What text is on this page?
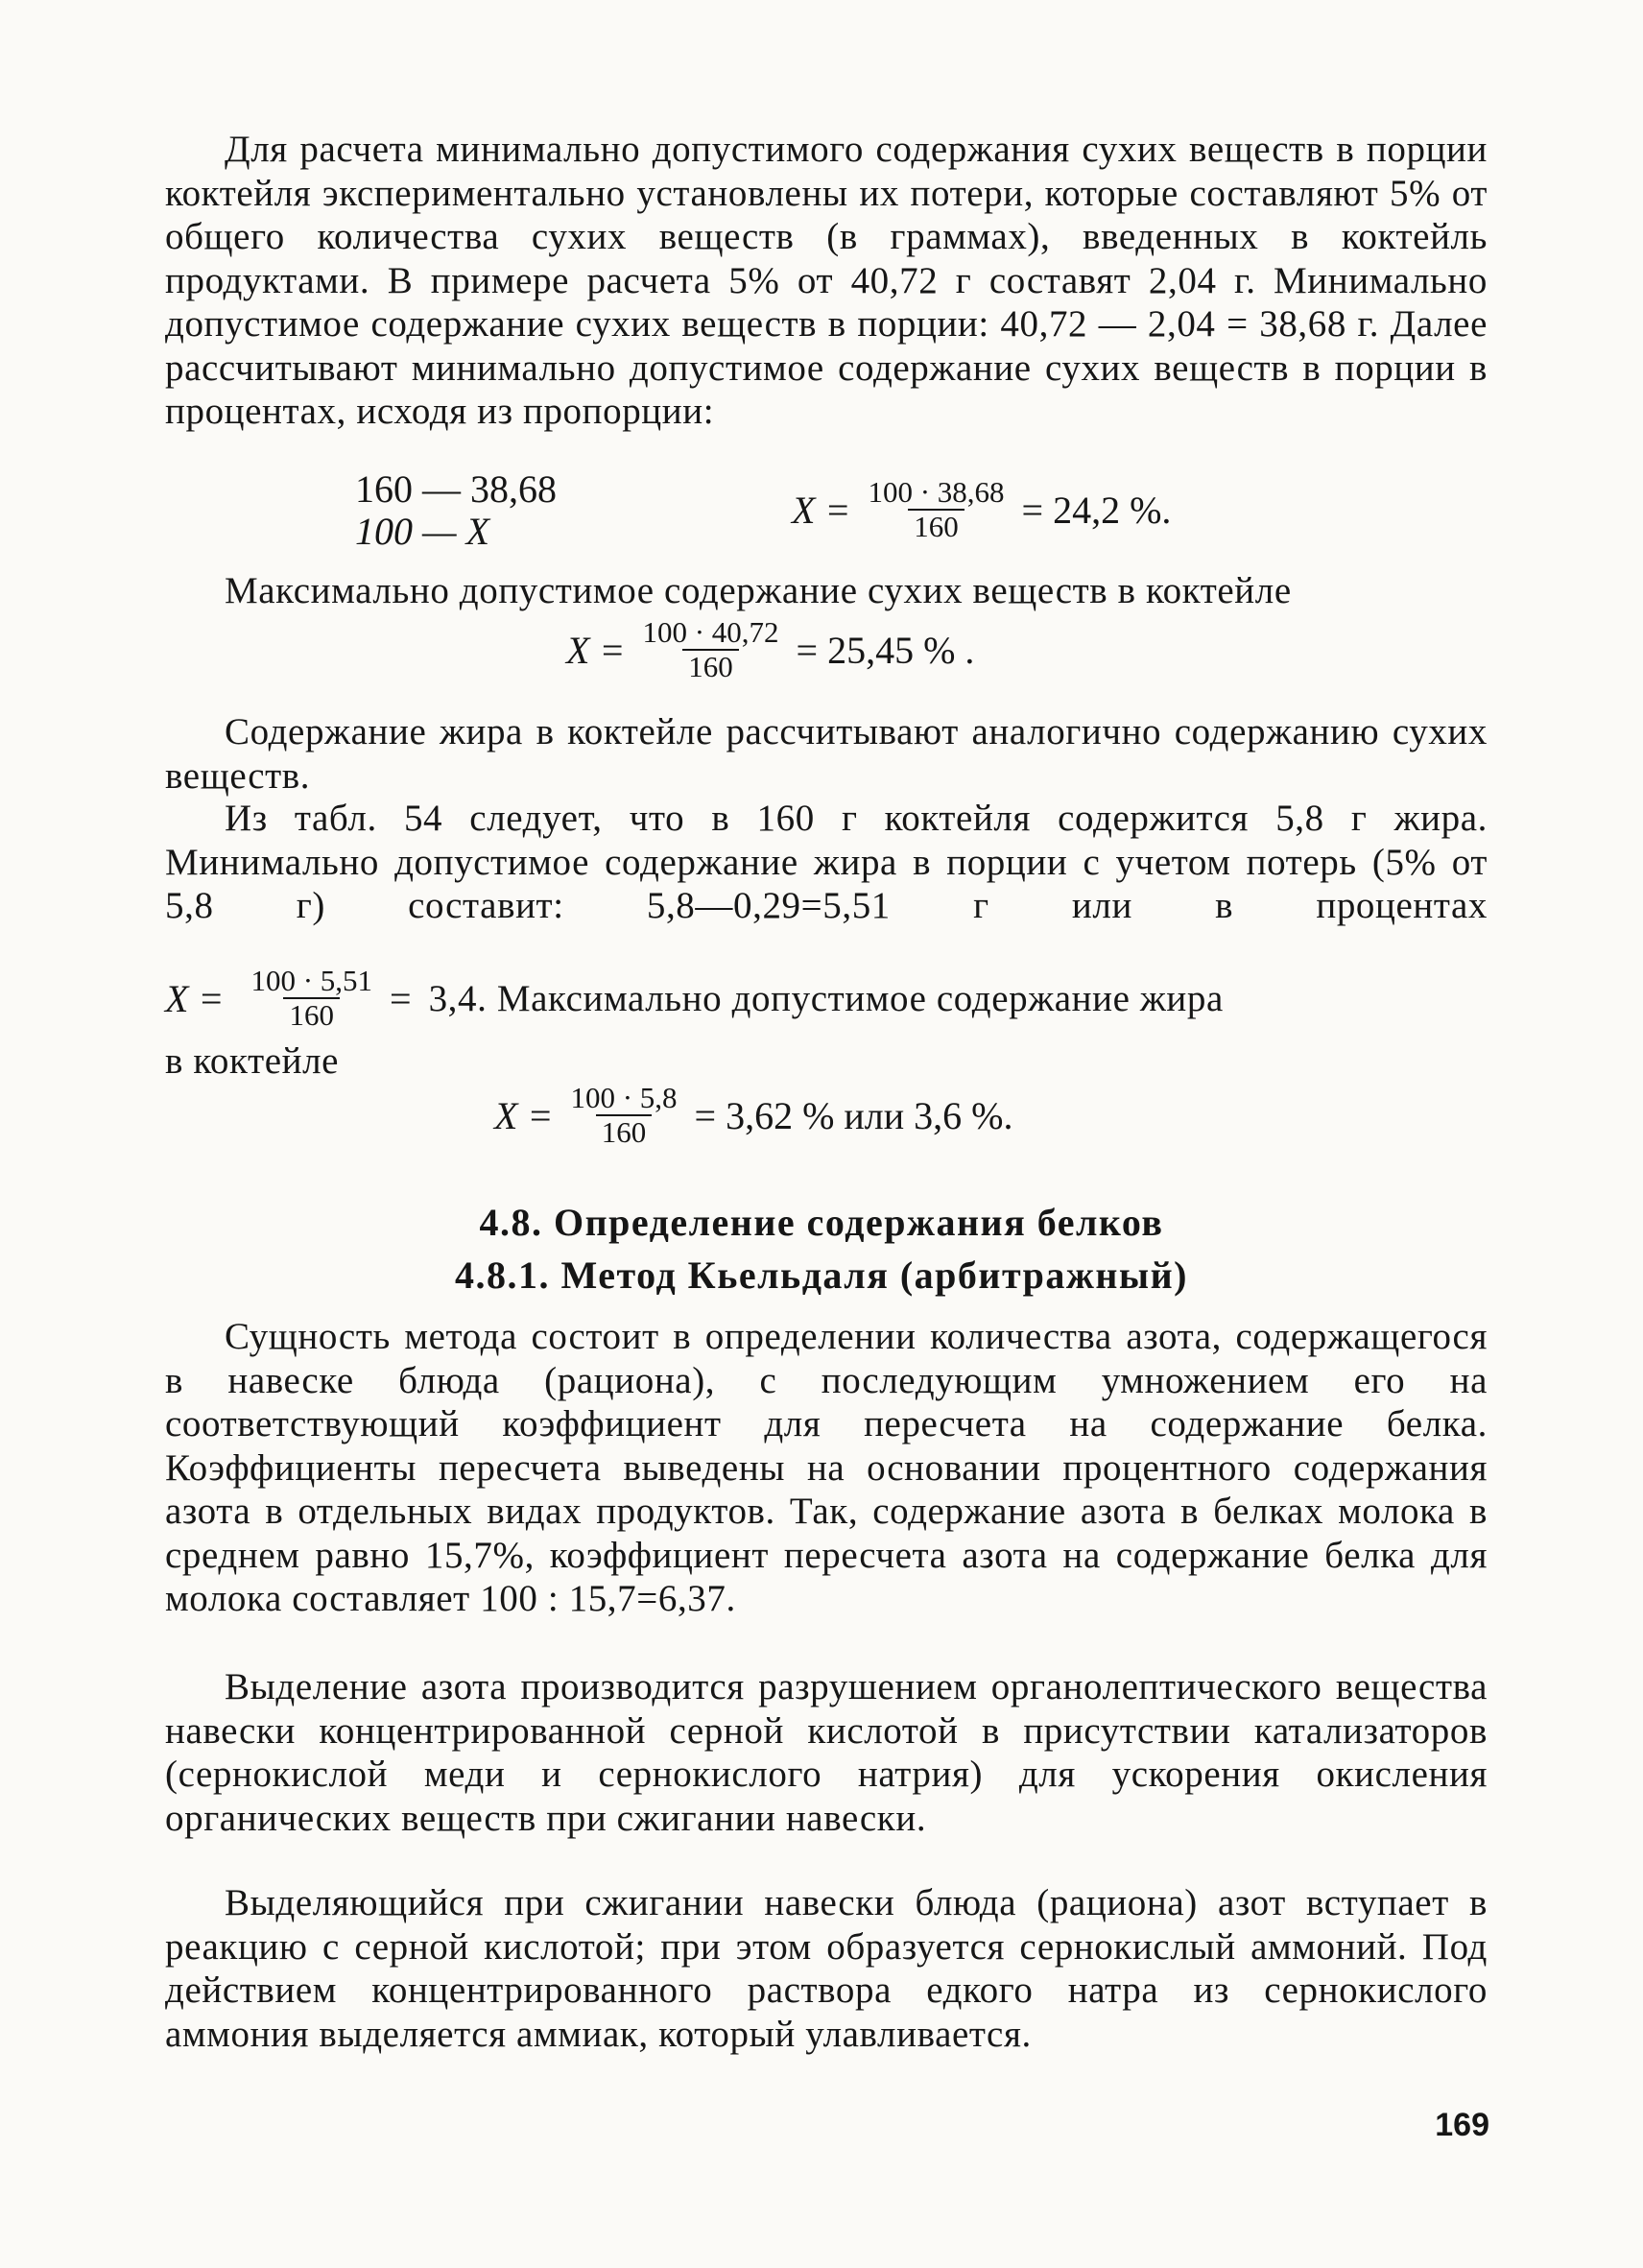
Для расчета минимально допустимого содержания сухих веществ в порции коктейля экспериментально установлены их потери, которые составляют 5% от общего количества сухих веществ (в граммах), введенных в коктейль продуктами. В примере расчета 5% от 40,72 г составят 2,04 г. Минимально допустимое содержание сухих веществ в порции: 40,72 — 2,04 = 38,68 г. Далее рассчитывают минимально допустимое содержание сухих веществ в порции в процентах, исходя из пропорции:

160 — 38,68
100 — X	$X = \frac{100 \cdot 38,68}{160} = 24,2$ %.

Максимально допустимое содержание сухих веществ в коктейле

$X = \frac{100 \cdot 40,72}{160} = 25,45$ % .

Содержание жира в коктейле рассчитывают аналогично содержанию сухих веществ.

Из табл. 54 следует, что в 160 г коктейля содержится 5,8 г жира. Минимально допустимое содержание жира в порции с учетом потерь (5% от 5,8 г) составит: 5,8—0,29=5,51 г или в процентах

$X = \frac{100 \cdot 5,51}{160} = 3,4$. Максимально допустимое содержание жира

в коктейле

$X = \frac{100 \cdot 5,8}{160} = 3,62$ % или 3,6 %.
4.8. Определение содержания белков
4.8.1. Метод Кьельдаля (арбитражный)

Сущность метода состоит в определении количества азота, содержащегося в навеске блюда (рациона), с последующим умножением его на соответствующий коэффициент для пересчета на содержание белка. Коэффициенты пересчета выведены на основании процентного содержания азота в отдельных видах продуктов. Так, содержание азота в белках молока в среднем равно 15,7%, коэффициент пересчета азота на содержание белка для молока составляет 100 : 15,7=6,37.

Выделение азота производится разрушением органолептического вещества навески концентрированной серной кислотой в присутствии катализаторов (сернокислой меди и сернокислого натрия) для ускорения окисления органических веществ при сжигании навески.

Выделяющийся при сжигании навески блюда (рациона) азот вступает в реакцию с серной кислотой; при этом образуется сернокислый аммоний. Под действием концентрированного раствора едкого натра из сернокислого аммония выделяется аммиак, который улавливается.

169
